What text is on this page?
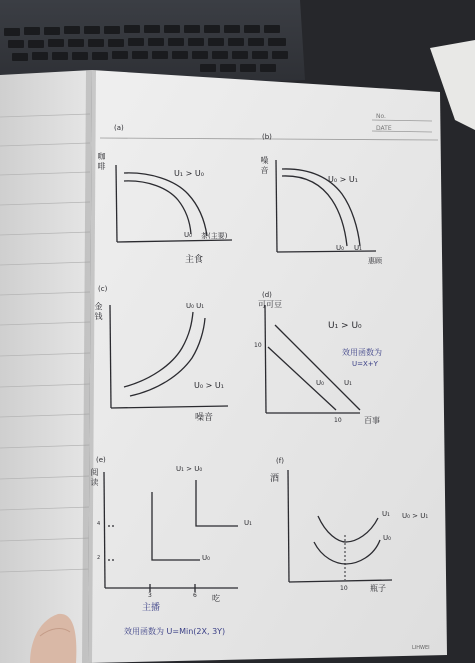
No.
DATE
(a)
咖啡
U₁ > U₀
U₀ 茶(主要)
主食
(b)
噪音
U₀ > U₁
U₀ U₁
惠顾
(c)
金钱	U₀ U₁
U₀ > U₁
噪音
(d)
可可豆
10
U₁ > U₀
效用函数为
U=X+Y
U₀	U₁
10	百事
(e)
阅读	U₁ > U₀
U₁
U₀
4
2
3	6 吃
主播
效用函数为 U=Min(2X, 3Y)
(f)
酒
U₁ U₀ > U₁
U₀
10	瓶子
LIHWEI
